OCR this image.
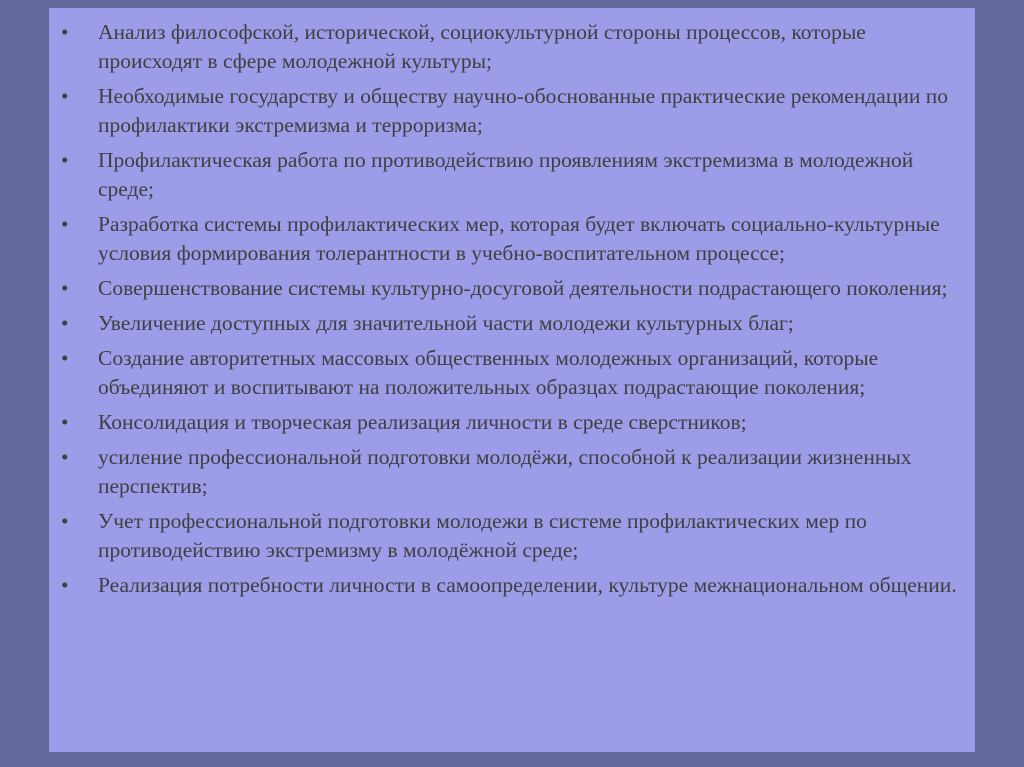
• Анализ философской, исторической, социокультурной стороны процессов, которые происходят в сфере молодежной культуры;
• Необходимые государству и обществу научно-обоснованные практические рекомендации по профилактики экстремизма и терроризма;
• Профилактическая работа по противодействию проявлениям экстремизма в молодежной среде;
• Разработка системы профилактических мер, которая будет включать социально-культурные условия формирования толерантности в учебно-воспитательном процессе;
• Совершенствование системы культурно-досуговой деятельности подрастающего поколения;
• Увеличение доступных для значительной части молодежи культурных благ;
• Создание авторитетных массовых общественных молодежных организаций, которые объединяют и воспитывают на положительных образцах подрастающие поколения;
• Консолидация и творческая реализация личности в среде сверстников;
• усиление профессиональной подготовки молодёжи, способной к реализации жизненных перспектив;
• Учет профессиональной подготовки молодежи в системе профилактических мер по противодействию экстремизму в молодёжной среде;
• Реализация потребности личности в самоопределении, культуре межнациональном общении.
